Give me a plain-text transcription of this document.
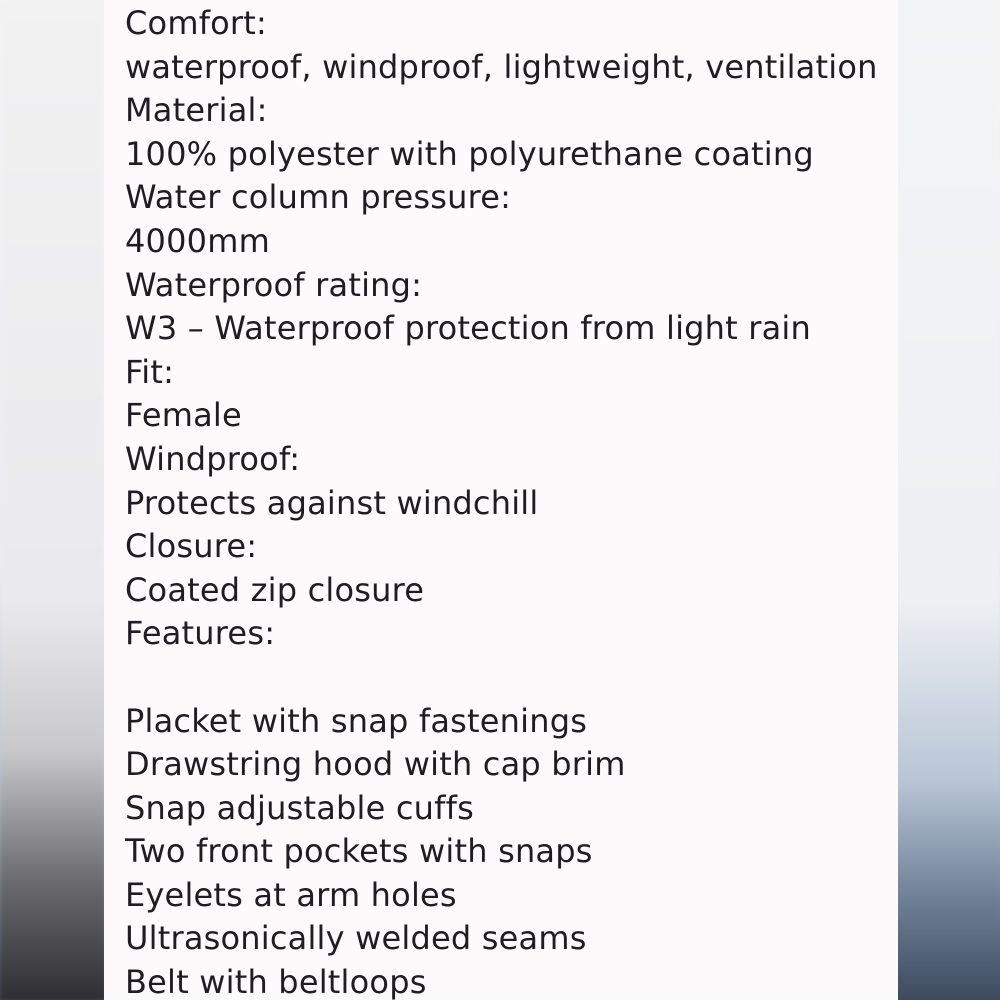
Comfort:
waterproof, windproof, lightweight, ventilation
Material:
100% polyester with polyurethane coating
Water column pressure:
4000mm
Waterproof rating:
W3 – Waterproof protection from light rain
Fit:
Female
Windproof:
Protects against windchill
Closure:
Coated zip closure
Features:
Placket with snap fastenings
Drawstring hood with cap brim
Snap adjustable cuffs
Two front pockets with snaps
Eyelets at arm holes
Ultrasonically welded seams
Belt with beltloops
